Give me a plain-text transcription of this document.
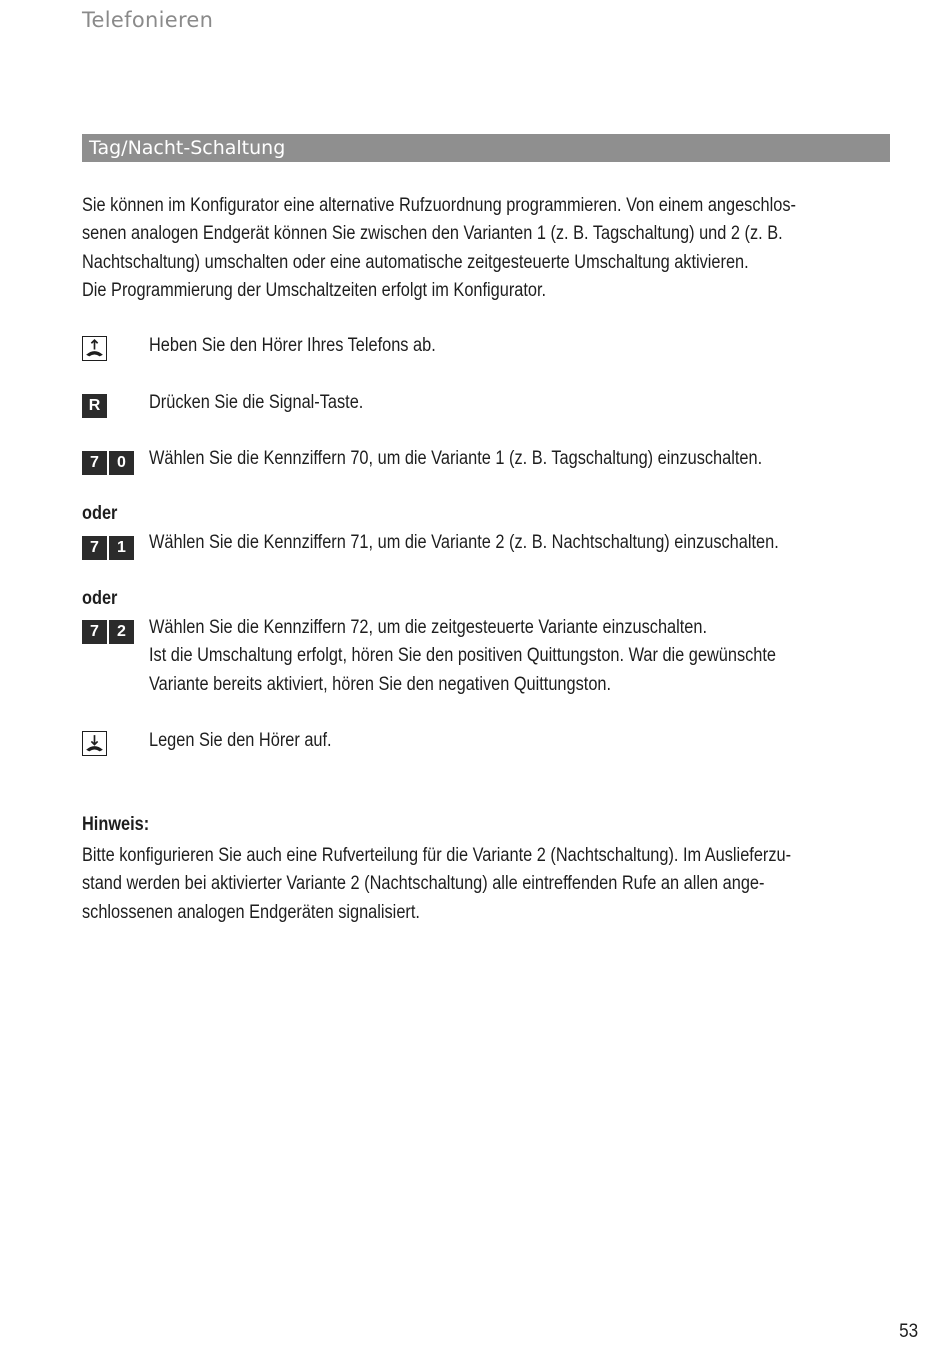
Telefonieren
Tag/Nacht-Schaltung
Sie können im Konfigurator eine alternative Rufzuordnung programmieren. Von einem angeschlos-
senen analogen Endgerät können Sie zwischen den Varianten 1 (z. B. Tagschaltung) und 2 (z. B.
Nachtschaltung) umschalten oder eine automatische zeitgesteuerte Umschaltung aktivieren.
Die Programmierung der Umschaltzeiten erfolgt im Konfigurator.
Heben Sie den Hörer Ihres Telefons ab.
R	Drücken Sie die Signal-Taste.
7	0	Wählen Sie die Kennziffern 70, um die Variante 1 (z. B. Tagschaltung) einzuschalten.
oder
7	1	Wählen Sie die Kennziffern 71, um die Variante 2 (z. B. Nachtschaltung) einzuschalten.
oder
7	2	Wählen Sie die Kennziffern 72, um die zeitgesteuerte Variante einzuschalten.
Ist die Umschaltung erfolgt, hören Sie den positiven Quittungston. War die gewünschte
Variante bereits aktiviert, hören Sie den negativen Quittungston.
Legen Sie den Hörer auf.
Hinweis:
Bitte konfigurieren Sie auch eine Rufverteilung für die Variante 2 (Nachtschaltung). Im Auslieferzu-
stand werden bei aktivierter Variante 2 (Nachtschaltung) alle eintreffenden Rufe an allen ange-
schlossenen analogen Endgeräten signalisiert.
53
